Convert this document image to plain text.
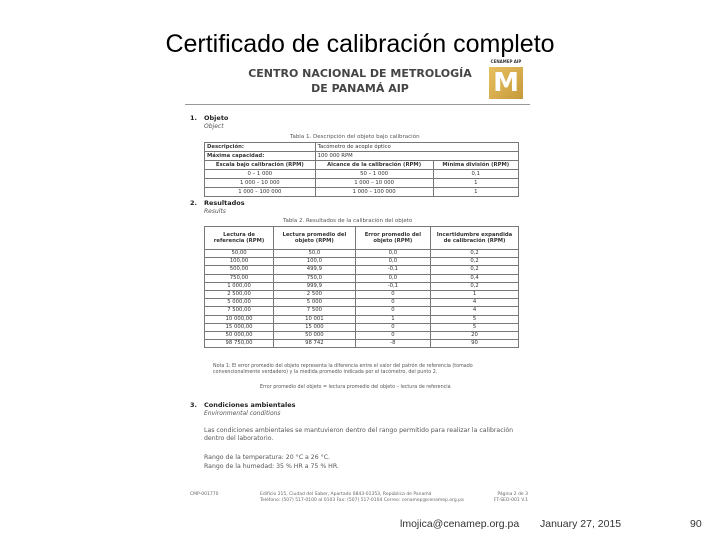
Certificado de calibración completo
CENTRO NACIONAL DE METROLOGÍA
DE PANAMÁ AIP
CENAMEP AIP
M
1. Objeto
Object
Tabla 1. Descripción del objeto bajo calibración
Descripción:	Tacómetro de acople óptico	
Máxima capacidad:	100 000 RPM	
Escala bajo calibración (RPM)	Alcance de la calibración (RPM)	Mínima división (RPM)
0 – 1 000	50 – 1 000	0,1
1 000 – 10 000	1 000 – 10 000	1
1 000 – 100 000	1 000 – 100 000	1
2. Resultados
Results
Tabla 2. Resultados de la calibración del objeto
Lectura de referencia (RPM)	Lectura promedio del objeto (RPM)	Error promedio del objeto (RPM)	Incertidumbre expandida de calibración (RPM)
50,00	50,0	0,0	0,2
100,00	100,0	0,0	0,2
500,00	499,9	-0,1	0,2
750,00	750,0	0,0	0,4
1 000,00	999,9	-0,1	0,2
2 500,00	2 500	0	1
5 000,00	5 000	0	4
7 500,00	7 500	0	4
10 000,00	10 001	1	5
15 000,00	15 000	0	5
50 000,00	50 000	0	20
98 750,00	98 742	-8	90
Nota 1: El error promedio del objeto representa la diferencia entre el valor del patrón de referencia (tomado convencionalmente verdadero) y la medida promedio indicada por el tacómetro, del punto 2.
Error promedio del objeto = lectura promedio del objeto – lectura de referencia
3. Condiciones ambientales
Environmental conditions
Las condiciones ambientales se mantuvieron dentro del rango permitido para realizar la calibración dentro del laboratorio.
Rango de la temperatura: 20 °C a 26 °C.
Rango de la humedad: 35 % HR a 75 % HR.
CMP-001770	Edificio 215, Ciudad del Saber, Apartado 0843-01353, República de Panamá
Teléfono: (507) 517-0100 al 0103 Fax: (507) 517-0104 Correo: cenamep@cenamep.org.pa
Página 2 de 3
FT-SEO-001 V.1
lmojica@cenamep.org.pa January 27, 2015	90
